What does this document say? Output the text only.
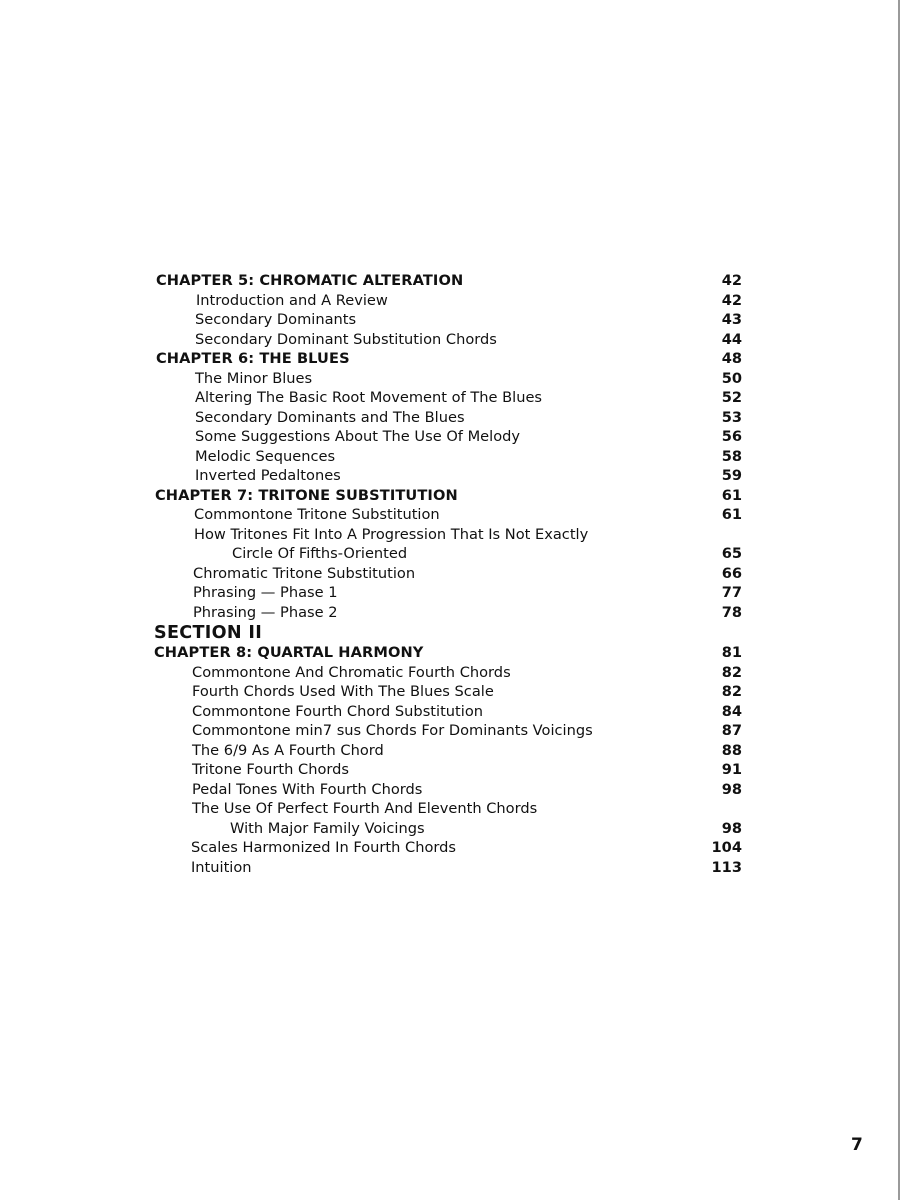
CHAPTER 5: CHROMATIC ALTERATION	42
Introduction and A Review	42
Secondary Dominants	43
Secondary Dominant Substitution Chords	44
CHAPTER 6: THE BLUES	48
The Minor Blues	50
Altering The Basic Root Movement of The Blues	52
Secondary Dominants and The Blues	53
Some Suggestions About The Use Of Melody	56
Melodic Sequences	58
Inverted Pedaltones	59
CHAPTER 7: TRITONE SUBSTITUTION	61
Commontone Tritone Substitution	61
How Tritones Fit Into A Progression That Is Not Exactly
Circle Of Fifths-Oriented	65
Chromatic Tritone Substitution	66
Phrasing — Phase 1	77
Phrasing — Phase 2	78
SECTION II
CHAPTER 8: QUARTAL HARMONY	81
Commontone And Chromatic Fourth Chords	82
Fourth Chords Used With The Blues Scale	82
Commontone Fourth Chord Substitution	84
Commontone min7 sus Chords For Dominants Voicings	87
The 6/9 As A Fourth Chord	88
Tritone Fourth Chords	91
Pedal Tones With Fourth Chords	98
The Use Of Perfect Fourth And Eleventh Chords
With Major Family Voicings	98
Scales Harmonized In Fourth Chords	104
Intuition	113
7
